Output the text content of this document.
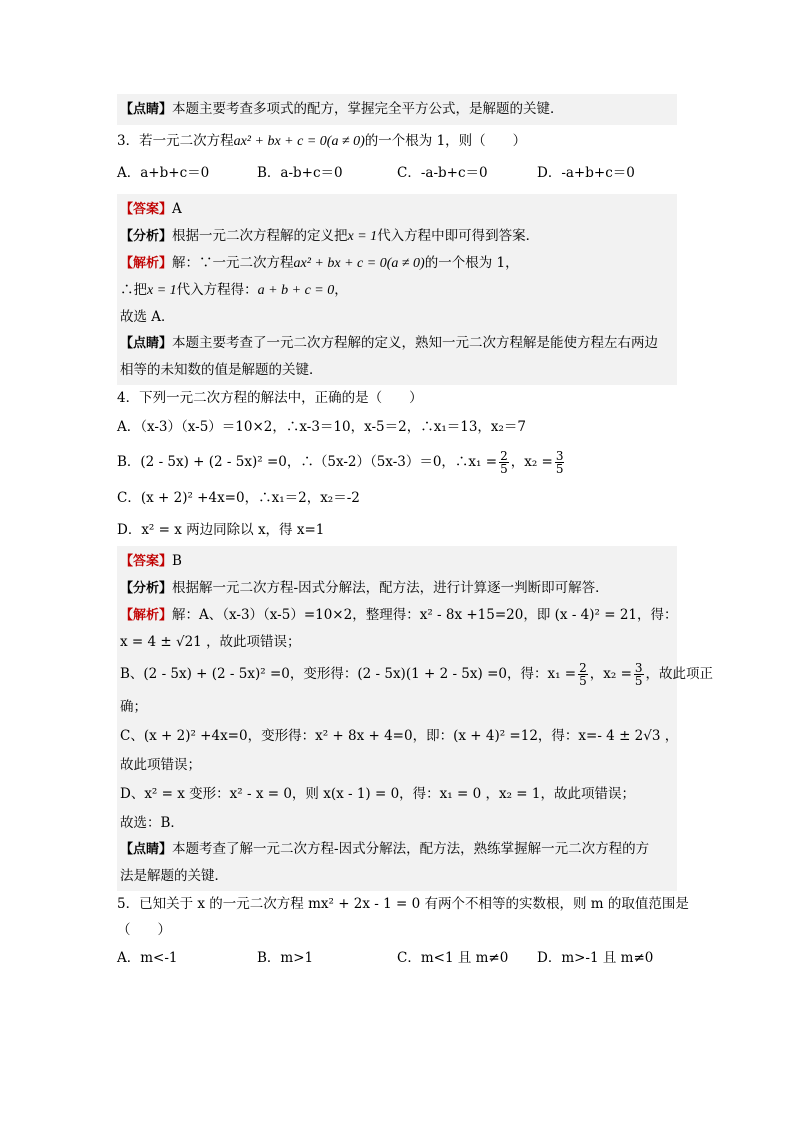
【点睛】本题主要考查多项式的配方，掌握完全平方公式，是解题的关键．
3．若一元二次方程ax² + bx + c = 0(a ≠ 0)的一个根为 1，则（　　）
A．a+b+c＝0	B．a-b+c＝0	C．-a-b+c＝0	D．-a+b+c＝0
【答案】A
【分析】根据一元二次方程解的定义把x = 1代入方程中即可得到答案．
【解析】解：∵一元二次方程ax² + bx + c = 0(a ≠ 0)的一个根为 1，
∴把x = 1代入方程得：a + b + c = 0，
故选 A．
【点睛】本题主要考查了一元二次方程解的定义，熟知一元二次方程解是能使方程左右两边
相等的未知数的值是解题的关键．
4．下列一元二次方程的解法中，正确的是（　　）
A．（x-3）（x-5）＝10×2，∴x-3＝10，x-5＝2，∴x₁＝13，x₂＝7
B．(2 - 5x) + (2 - 5x)² =0，∴（5x-2）（5x-3）＝0，∴x₁ = $\frac{2}{5}$ ，$x_2 = \frac{3}{5}$
C．(x + 2)² +4x=0，∴x₁＝2，x₂＝-2
D．x² = x 两边同除以 x，得 x=1
【答案】B
【分析】根据解一元二次方程-因式分解法，配方法，进行计算逐一判断即可解答．
【解析】解：A、（x-3）（x-5）=10×2，整理得：x² - 8x +15=20，即 (x - 4)² = 21，得：
x = 4 ± √21 ，故此项错误；
B、(2 - 5x) + (2 - 5x)² =0，变形得：(2 - 5x)(1 + 2 - 5x) =0，得：$x_1 = \frac{2}{5}$ ，$x_2 = \frac{3}{5}$ ，故此项正
确；
C、(x + 2)² +4x=0，变形得：x² + 8x + 4=0，即：(x + 4)² =12，得：x=- 4 ± 2√3 ，
故此项错误；
D、x² = x 变形：x² - x = 0，则 x(x - 1) = 0，得：x₁ = 0 ，x₂ = 1，故此项错误；
故选：B．
【点睛】本题考查了解一元二次方程-因式分解法，配方法，熟练掌握解一元二次方程的方
法是解题的关键．
5．已知关于 x 的一元二次方程 mx² + 2x - 1 = 0 有两个不相等的实数根，则 m 的取值范围是
（　　）
A．m<-1	B．m>1	C．m<1 且 m≠0	D．m>-1 且 m≠0
